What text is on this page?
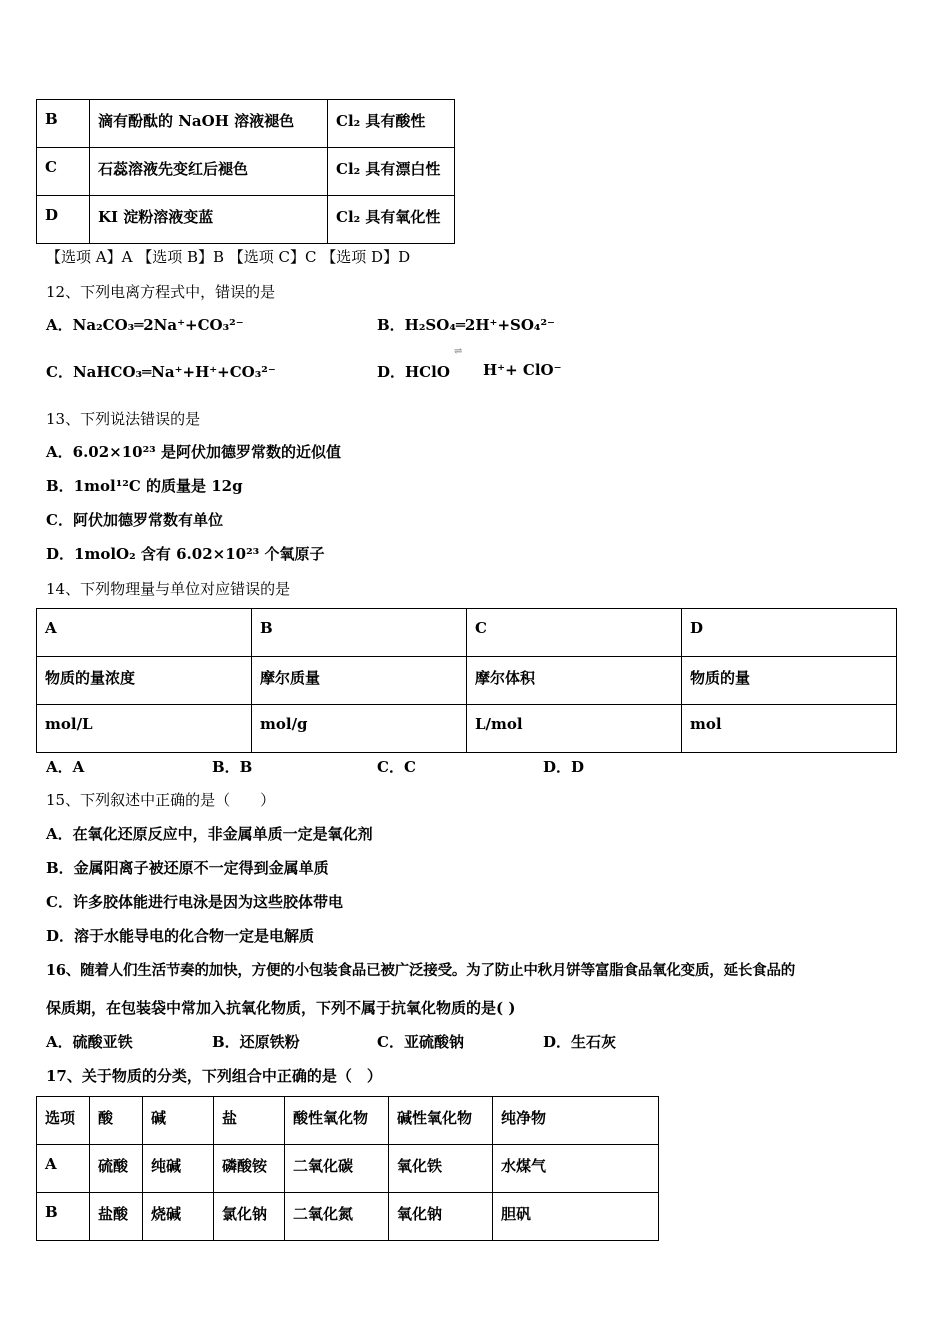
B	滴有酚酞的 NaOH 溶液褪色	Cl₂ 具有酸性
C	石蕊溶液先变红后褪色	Cl₂ 具有漂白性
D	KI 淀粉溶液变蓝	Cl₂ 具有氧化性
【选项 A】A 【选项 B】B 【选项 C】C 【选项 D】D
12、下列电离方程式中，错误的是
A．Na₂CO₃═2Na⁺+CO₃²⁻	B．H₂SO₄═2H⁺+SO₄²⁻
C．NaHCO₃═Na⁺+H⁺+CO₃²⁻	D．HClO
⇌
H⁺+ ClO⁻
13、下列说法错误的是
A．6.02×10²³ 是阿伏加德罗常数的近似值
B．1mol¹²C 的质量是 12g
C．阿伏加德罗常数有单位
D．1molO₂ 含有 6.02×10²³ 个氧原子
14、下列物理量与单位对应错误的是
A	B	C	D
物质的量浓度	摩尔质量	摩尔体积	物质的量
mol/L	mol/g	L/mol	mol
A．A	B．B	C．C	D．D
15、下列叙述中正确的是（　　）
A．在氧化还原反应中，非金属单质一定是氧化剂
B．金属阳离子被还原不一定得到金属单质
C．许多胶体能进行电泳是因为这些胶体带电
D．溶于水能导电的化合物一定是电解质
16、随着人们生活节奏的加快，方便的小包装食品已被广泛接受。为了防止中秋月饼等富脂食品氧化变质，延长食品的
保质期，在包装袋中常加入抗氧化物质，下列不属于抗氧化物质的是( )
A．硫酸亚铁	B．还原铁粉	C．亚硫酸钠	D．生石灰
17、关于物质的分类，下列组合中正确的是（　）
选项	酸	碱	盐	酸性氧化物	碱性氧化物	纯净物
A	硫酸	纯碱	磷酸铵	二氧化碳	氧化铁	水煤气
B	盐酸	烧碱	氯化钠	二氧化氮	氧化钠	胆矾
